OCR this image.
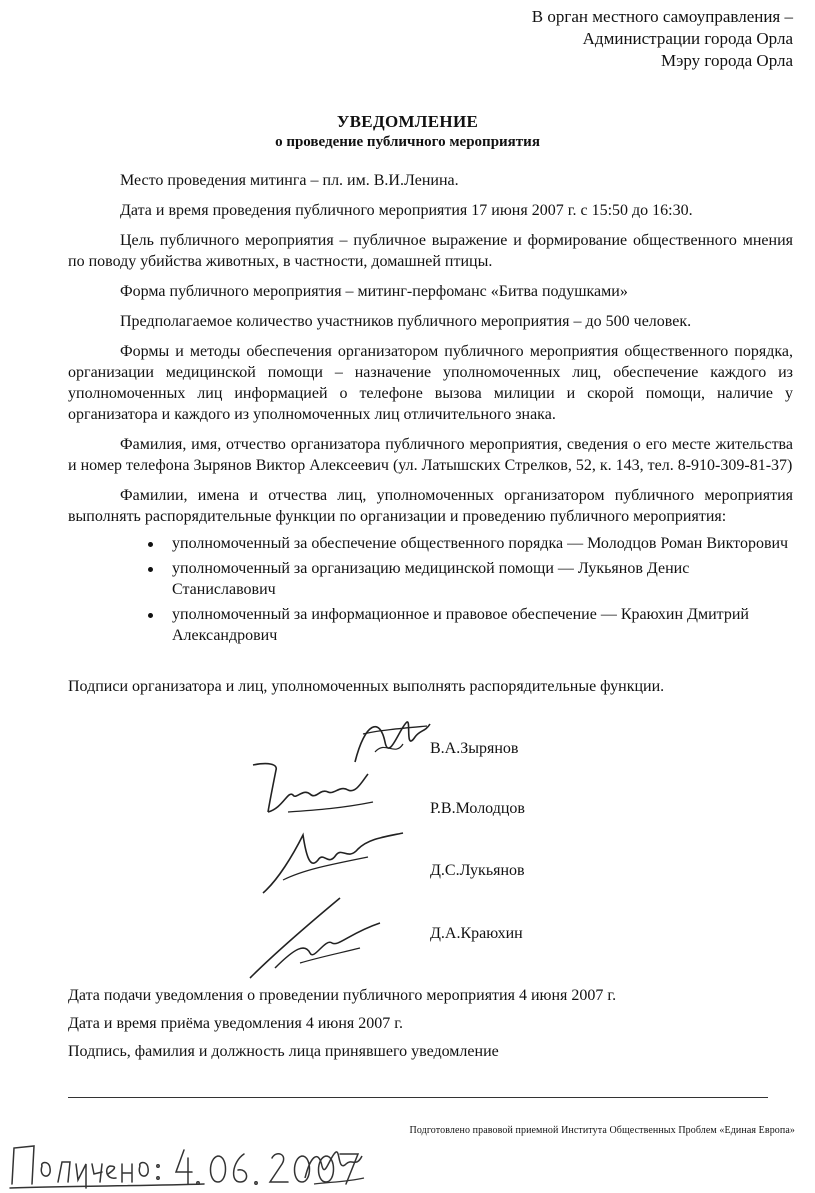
В орган местного самоуправления –
Администрации города Орла
Мэру города Орла
УВЕДОМЛЕНИЕ
о проведение публичного мероприятия

Место проведения митинга – пл. им. В.И.Ленина.

Дата и время проведения публичного мероприятия 17 июня 2007 г. с 15:50 до 16:30.

Цель публичного мероприятия – публичное выражение и формирование общественного мнения по поводу убийства животных, в частности, домашней птицы.

Форма публичного мероприятия – митинг-перфоманс «Битва подушками»

Предполагаемое количество участников публичного мероприятия – до 500 человек.

Формы и методы обеспечения организатором публичного мероприятия общественного порядка, организации медицинской помощи – назначение уполномоченных лиц, обеспечение каждого из уполномоченных лиц информацией о телефоне вызова милиции и скорой помощи, наличие у организатора и каждого из уполномоченных лиц отличительного знака.

Фамилия, имя, отчество организатора публичного мероприятия, сведения о его месте жительства и номер телефона Зырянов Виктор Алексеевич (ул. Латышских Стрелков, 52, к. 143, тел. 8-910-309-81-37)

Фамилии, имена и отчества лиц, уполномоченных организатором публичного мероприятия выполнять распорядительные функции по организации и проведению публичного мероприятия:

уполномоченный за обеспечение общественного порядка — Молодцов Роман Викторович
уполномоченный за организацию медицинской помощи — Лукьянов Денис Станиславович
уполномоченный за информационное и правовое обеспечение — Краюхин Дмитрий Александрович
Подписи организатора и лиц, уполномоченных выполнять распорядительные функции.
В.А.Зырянов
Р.В.Молодцов
Д.С.Лукьянов
Д.А.Краюхин
Дата подачи уведомления о проведении публичного мероприятия 4 июня 2007 г.
Дата и время приёма уведомления 4 июня 2007 г.
Подпись, фамилия и должность лица принявшего уведомление
Подготовлено правовой приемной Института Общественных Проблем «Единая Европа»
